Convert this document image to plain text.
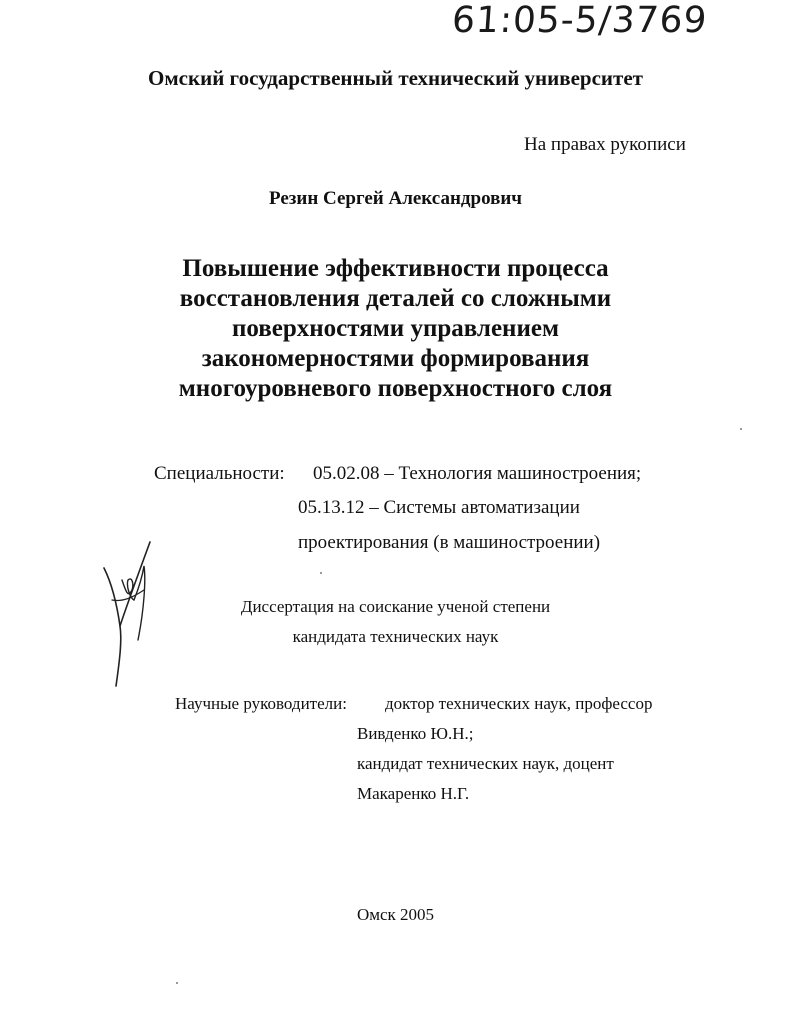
61:05-5/3769
Омский государственный технический университет
На правах рукописи
Резин Сергей Александрович
Повышение эффективности процесса
восстановления деталей со сложными
поверхностями управлением
закономерностями формирования
многоуровневого поверхностного слоя
Специальности: 05.02.08 – Технология машиностроения;
05.13.12 – Системы автоматизации
проектирования (в машиностроении)
Диссертация на соискание ученой степени
кандидата технических наук
Научные руководители: доктор технических наук, профессор
Вивденко Ю.Н.;
кандидат технических наук, доцент
Макаренко Н.Г.
Омск 2005
